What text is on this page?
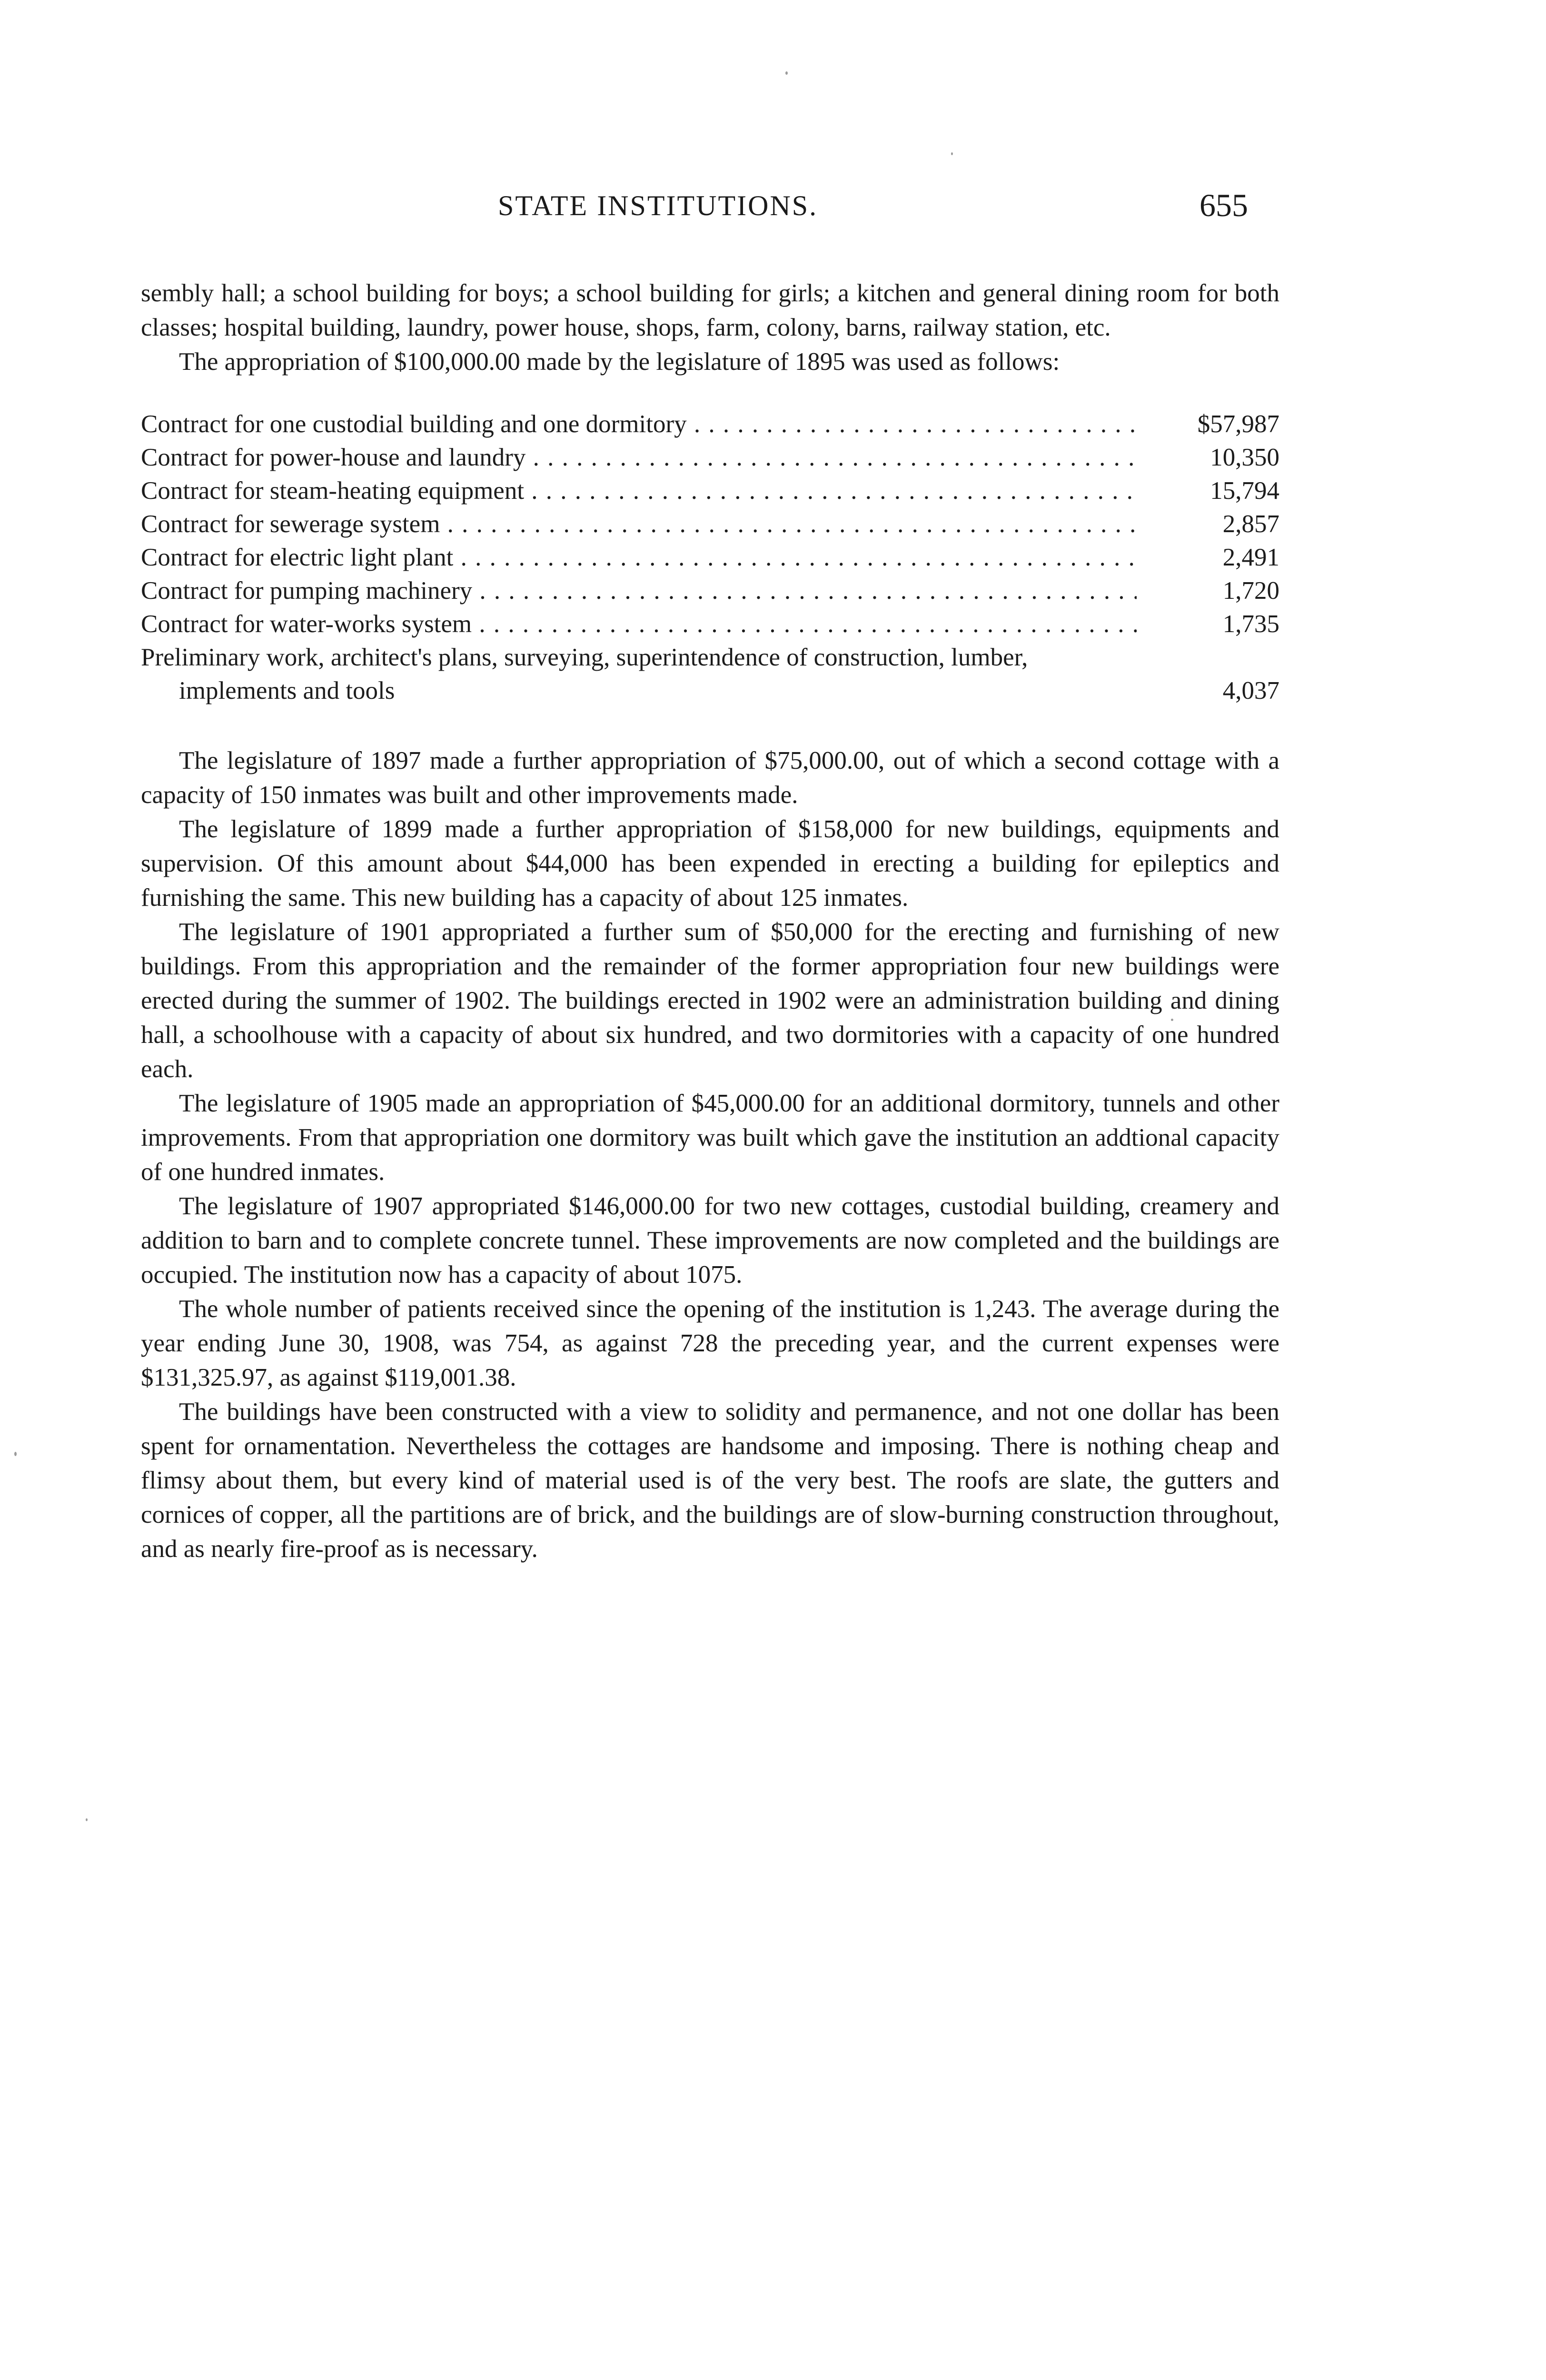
STATE INSTITUTIONS.	655

sembly hall; a school building for boys; a school building for girls; a kitchen and general dining room for both classes; hospital building, laundry, power house, shops, farm, colony, barns, railway station, etc.

The appropriation of $100,000.00 made by the legislature of 1895 was used as follows:

Contract for one custodial building and one dormitory . . .	$57,987
Contract for power-house and laundry . . .	10,350
Contract for steam-heating equipment . . .	15,794
Contract for sewerage system . . .	2,857
Contract for electric light plant . . .	2,491
Contract for pumping machinery . . .	1,720
Contract for water-works system . . .	1,735
Preliminary work, architect's plans, surveying, superintendence of construction, lumber, implements and tools	4,037

The legislature of 1897 made a further appropriation of $75,000.00, out of which a second cottage with a capacity of 150 inmates was built and other improvements made.

The legislature of 1899 made a further appropriation of $158,000 for new buildings, equipments and supervision. Of this amount about $44,000 has been expended in erecting a building for epileptics and furnishing the same. This new building has a capacity of about 125 inmates.

The legislature of 1901 appropriated a further sum of $50,000 for the erecting and furnishing of new buildings. From this appropriation and the remainder of the former appropriation four new buildings were erected during the summer of 1902. The buildings erected in 1902 were an administration building and dining hall, a schoolhouse with a capacity of about six hundred, and two dormitories with a capacity of one hundred each.

The legislature of 1905 made an appropriation of $45,000.00 for an additional dormitory, tunnels and other improvements. From that appropriation one dormitory was built which gave the institution an addtional capacity of one hundred inmates.

The legislature of 1907 appropriated $146,000.00 for two new cottages, custodial building, creamery and addition to barn and to complete concrete tunnel. These improvements are now completed and the buildings are occupied. The institution now has a capacity of about 1075.

The whole number of patients received since the opening of the institution is 1,243. The average during the year ending June 30, 1908, was 754, as against 728 the preceding year, and the current expenses were $131,325.97, as against $119,001.38.

The buildings have been constructed with a view to solidity and permanence, and not one dollar has been spent for ornamentation. Nevertheless the cottages are handsome and imposing. There is nothing cheap and flimsy about them, but every kind of material used is of the very best. The roofs are slate, the gutters and cornices of copper, all the partitions are of brick, and the buildings are of slow-burning construction throughout, and as nearly fire-proof as is necessary.
